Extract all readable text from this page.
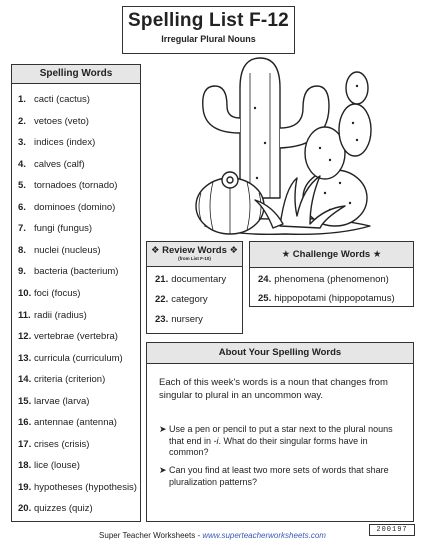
Spelling List F-12
Irregular Plural Nouns
Spelling Words
1. cacti (cactus)
2. vetoes (veto)
3. indices (index)
4. calves (calf)
5. tornadoes (tornado)
6. dominoes (domino)
7. fungi (fungus)
8. nuclei (nucleus)
9. bacteria (bacterium)
10. foci (focus)
11. radii (radius)
12. vertebrae (vertebra)
13. curricula (curriculum)
14. criteria (criterion)
15. larvae (larva)
16. antennae (antenna)
17. crises (crisis)
18. lice (louse)
19. hypotheses (hypothesis)
20. quizzes (quiz)
❖ Review Words ❖
(from List F-10)
21. documentary
22. category
23. nursery
★ Challenge Words ★
24. phenomena (phenomenon)
25. hippopotami (hippopotamus)
About Your Spelling Words
Each of this week's words is a noun that changes from singular to plural in an uncommon way.
➤ Use a pen or pencil to put a star next to the plural nouns that end in -i. What do their singular forms have in common?
➤ Can you find at least two more sets of words that share pluralization patterns?
Super Teacher Worksheets - www.superteacherworksheets.com
200197
